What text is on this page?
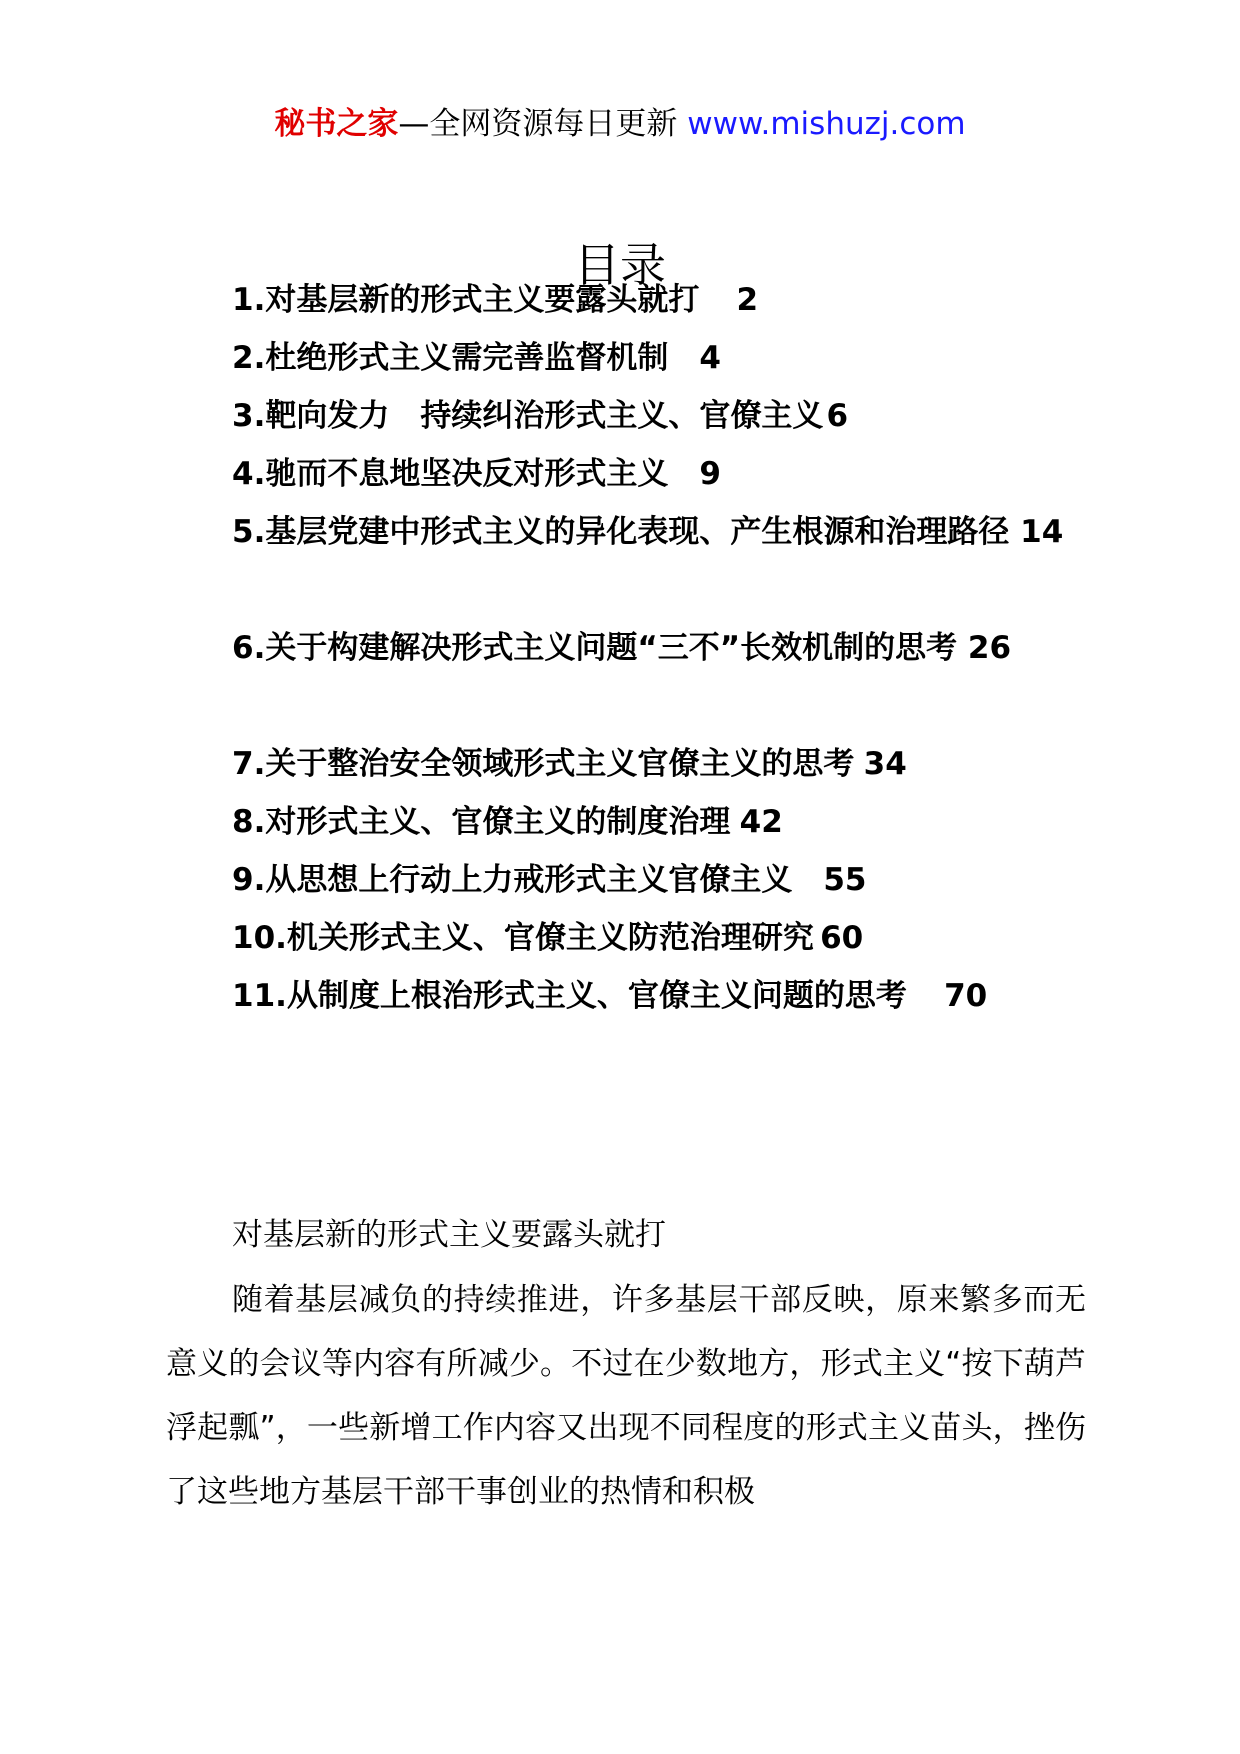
秘书之家—全网资源每日更新 www.mishuzj.com
目录
1.对基层新的形式主义要露头就打 2
2.杜绝形式主义需完善监督机制 4
3.靶向发力　持续纠治形式主义、官僚主义6
4.驰而不息地坚决反对形式主义 9
5.基层党建中形式主义的异化表现、产生根源和治理路径 14
6.关于构建解决形式主义问题“三不”长效机制的思考 26
7.关于整治安全领域形式主义官僚主义的思考 34
8.对形式主义、官僚主义的制度治理 42
9.从思想上行动上力戒形式主义官僚主义 55
10.机关形式主义、官僚主义防范治理研究 60
11.从制度上根治形式主义、官僚主义问题的思考 70
对基层新的形式主义要露头就打

随着基层减负的持续推进，许多基层干部反映，原来繁多而无意义的会议等内容有所减少。不过在少数地方，形式主义“按下葫芦浮起瓢”，一些新增工作内容又出现不同程度的形式主义苗头，挫伤了这些地方基层干部干事创业的热情和积极
